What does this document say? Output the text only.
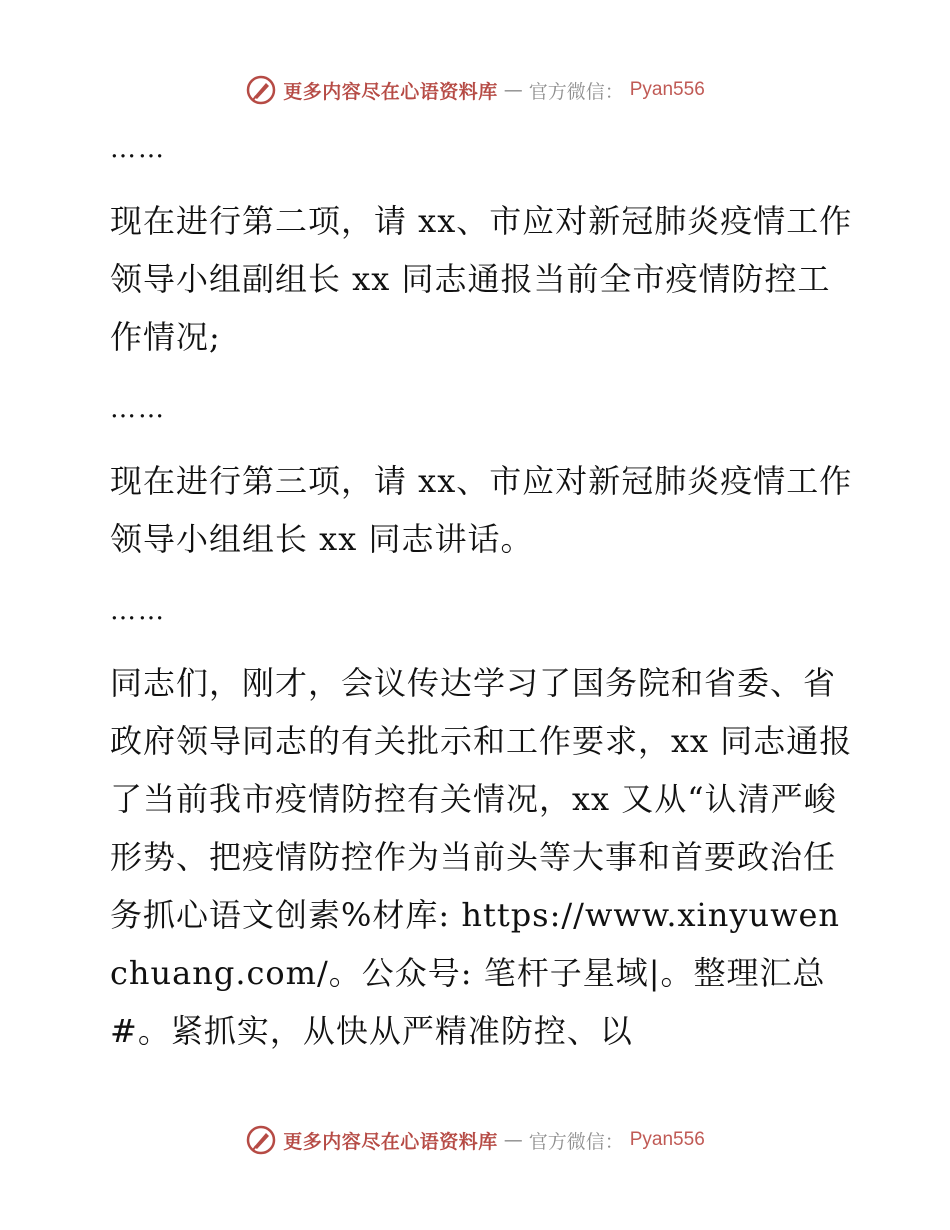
更多内容尽在心语资料库 — 官方微信： Pyan556

……

现在进行第二项，请 xx、市应对新冠肺炎疫情工作领导小组副组长 xx 同志通报当前全市疫情防控工作情况;

……

现在进行第三项，请 xx、市应对新冠肺炎疫情工作领导小组组长 xx 同志讲话。

……

同志们，刚才，会议传达学习了国务院和省委、省政府领导同志的有关批示和工作要求，xx 同志通报了当前我市疫情防控有关情况，xx 又从“认清严峻形势、把疫情防控作为当前头等大事和首要政治任务抓心语文创素%材库: https://www.xinyuwenchuang.com/。公众号: 笔杆子星域|。整理汇总#。紧抓实，从快从严精准防控、以

更多内容尽在心语资料库 — 官方微信： Pyan556
